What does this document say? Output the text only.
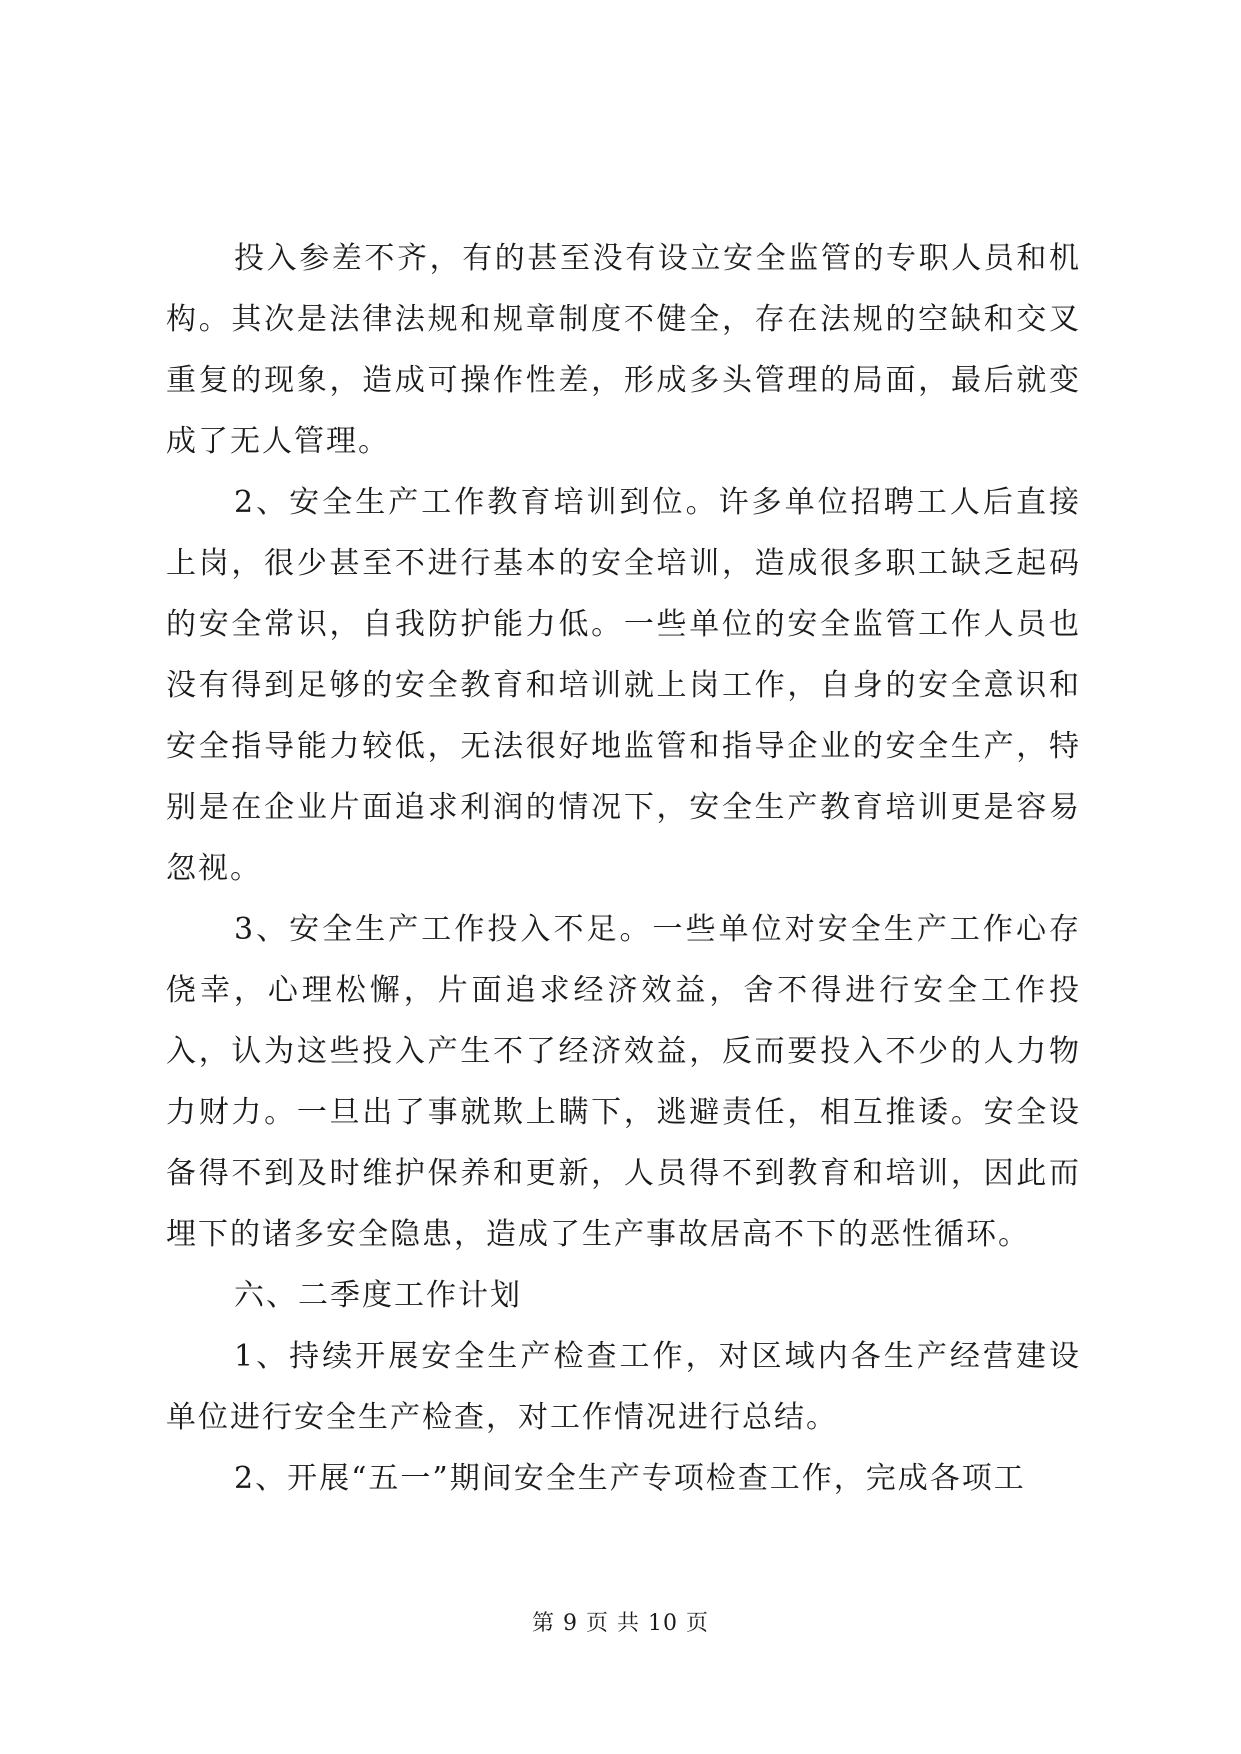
投入参差不齐，有的甚至没有设立安全监管的专职人员和机构。其次是法律法规和规章制度不健全，存在法规的空缺和交叉重复的现象，造成可操作性差，形成多头管理的局面，最后就变成了无人管理。

2、安全生产工作教育培训到位。许多单位招聘工人后直接上岗，很少甚至不进行基本的安全培训，造成很多职工缺乏起码的安全常识，自我防护能力低。一些单位的安全监管工作人员也没有得到足够的安全教育和培训就上岗工作，自身的安全意识和安全指导能力较低，无法很好地监管和指导企业的安全生产，特别是在企业片面追求利润的情况下，安全生产教育培训更是容易忽视。

3、安全生产工作投入不足。一些单位对安全生产工作心存侥幸，心理松懈，片面追求经济效益，舍不得进行安全工作投入，认为这些投入产生不了经济效益，反而要投入不少的人力物力财力。一旦出了事就欺上瞒下，逃避责任，相互推诿。安全设备得不到及时维护保养和更新，人员得不到教育和培训，因此而埋下的诸多安全隐患，造成了生产事故居高不下的恶性循环。

六、二季度工作计划

1、持续开展安全生产检查工作，对区域内各生产经营建设单位进行安全生产检查，对工作情况进行总结。

2、开展“五一”期间安全生产专项检查工作，完成各项工

第 9 页 共 10 页
